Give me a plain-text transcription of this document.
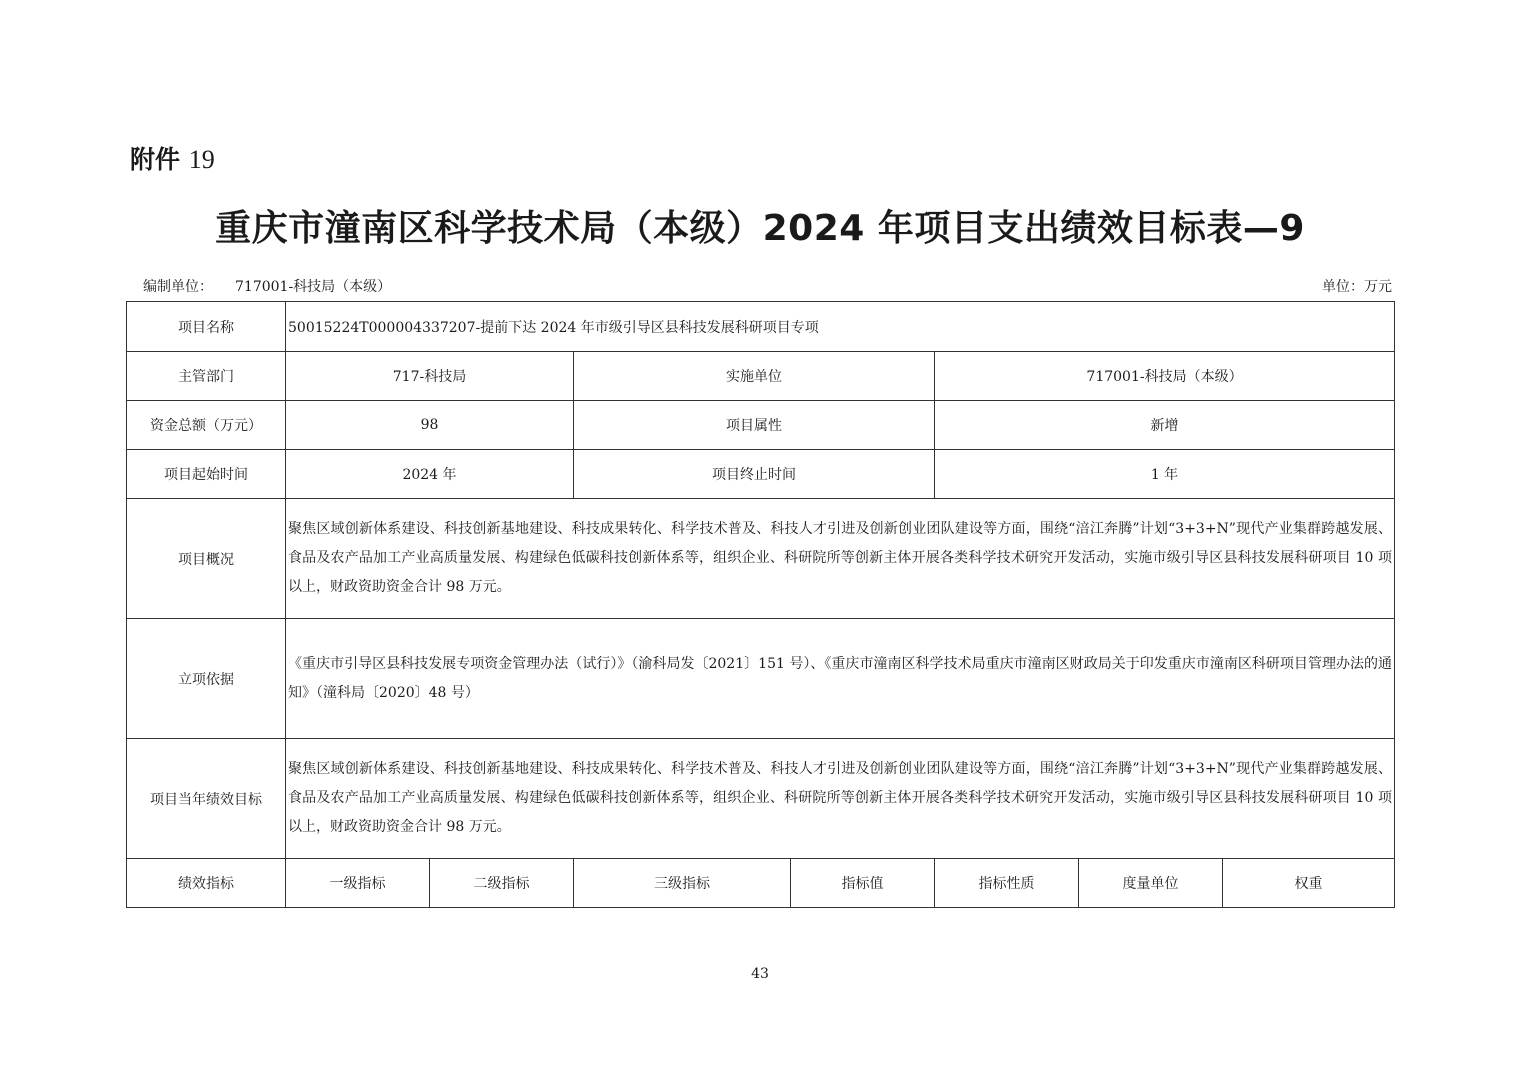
附件 19
重庆市潼南区科学技术局（本级）2024 年项目支出绩效目标表—9
编制单位： 717001-科技局（本级）	单位：万元
项目名称	50015224T000004337207-提前下达 2024 年市级引导区县科技发展科研项目专项						
主管部门	717-科技局		实施单位		717001-科技局（本级）		
资金总额（万元）	98		项目属性		新增		
项目起始时间	2024 年		项目终止时间		1 年		
项目概况	聚焦区域创新体系建设、科技创新基地建设、科技成果转化、科学技术普及、科技人才引进及创新创业团队建设等方面，围绕“涪江奔腾”计划“3+3+N”现代产业集群跨越发展、食品及农产品加工产业高质量发展、构建绿色低碳科技创新体系等，组织企业、科研院所等创新主体开展各类科学技术研究开发活动，实施市级引导区县科技发展科研项目 10 项以上，财政资助资金合计 98 万元。						
立项依据	《重庆市引导区县科技发展专项资金管理办法（试行）》（渝科局发〔2021〕151 号）、《重庆市潼南区科学技术局重庆市潼南区财政局关于印发重庆市潼南区科研项目管理办法的通知》（潼科局〔2020〕48 号）						
项目当年绩效目标	聚焦区域创新体系建设、科技创新基地建设、科技成果转化、科学技术普及、科技人才引进及创新创业团队建设等方面，围绕“涪江奔腾”计划“3+3+N”现代产业集群跨越发展、食品及农产品加工产业高质量发展、构建绿色低碳科技创新体系等，组织企业、科研院所等创新主体开展各类科学技术研究开发活动，实施市级引导区县科技发展科研项目 10 项以上，财政资助资金合计 98 万元。						
绩效指标	一级指标	二级指标	三级指标	指标值	指标性质	度量单位	权重
43
